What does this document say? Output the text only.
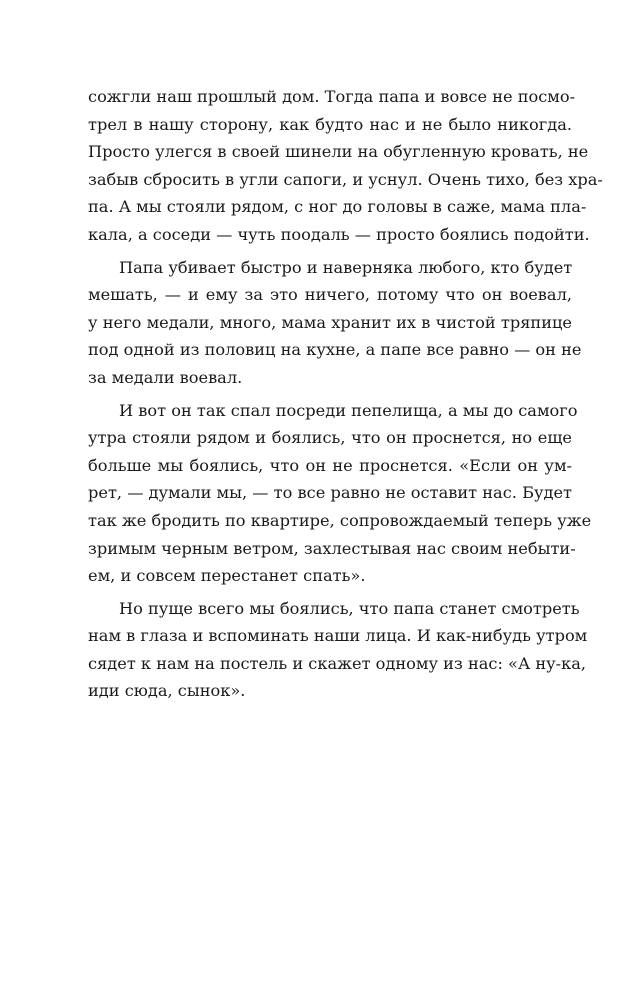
сожгли наш прошлый дом. Тогда папа и вовсе не посмо-
трел в нашу сторону, как будто нас и не было никогда.
Просто улегся в своей шинели на обугленную кровать, не
забыв сбросить в угли сапоги, и уснул. Очень тихо, без хра-
па. А мы стояли рядом, с ног до головы в саже, мама пла-
кала, а соседи — чуть поодаль — просто боялись подойти.
Папа убивает быстро и наверняка любого, кто будет
мешать, — и ему за это ничего, потому что он воевал,
у него медали, много, мама хранит их в чистой тряпице
под одной из половиц на кухне, а папе все равно — он не
за медали воевал.
И вот он так спал посреди пепелища, а мы до самого
утра стояли рядом и боялись, что он проснется, но еще
больше мы боялись, что он не проснется. «Если он ум-
рет, — думали мы, — то все равно не оставит нас. Будет
так же бродить по квартире, сопровождаемый теперь уже
зримым черным ветром, захлестывая нас своим небыти-
ем, и совсем перестанет спать».
Но пуще всего мы боялись, что папа станет смотреть
нам в глаза и вспоминать наши лица. И как-нибудь утром
сядет к нам на постель и скажет одному из нас: «А ну-ка,
иди сюда, сынок».
